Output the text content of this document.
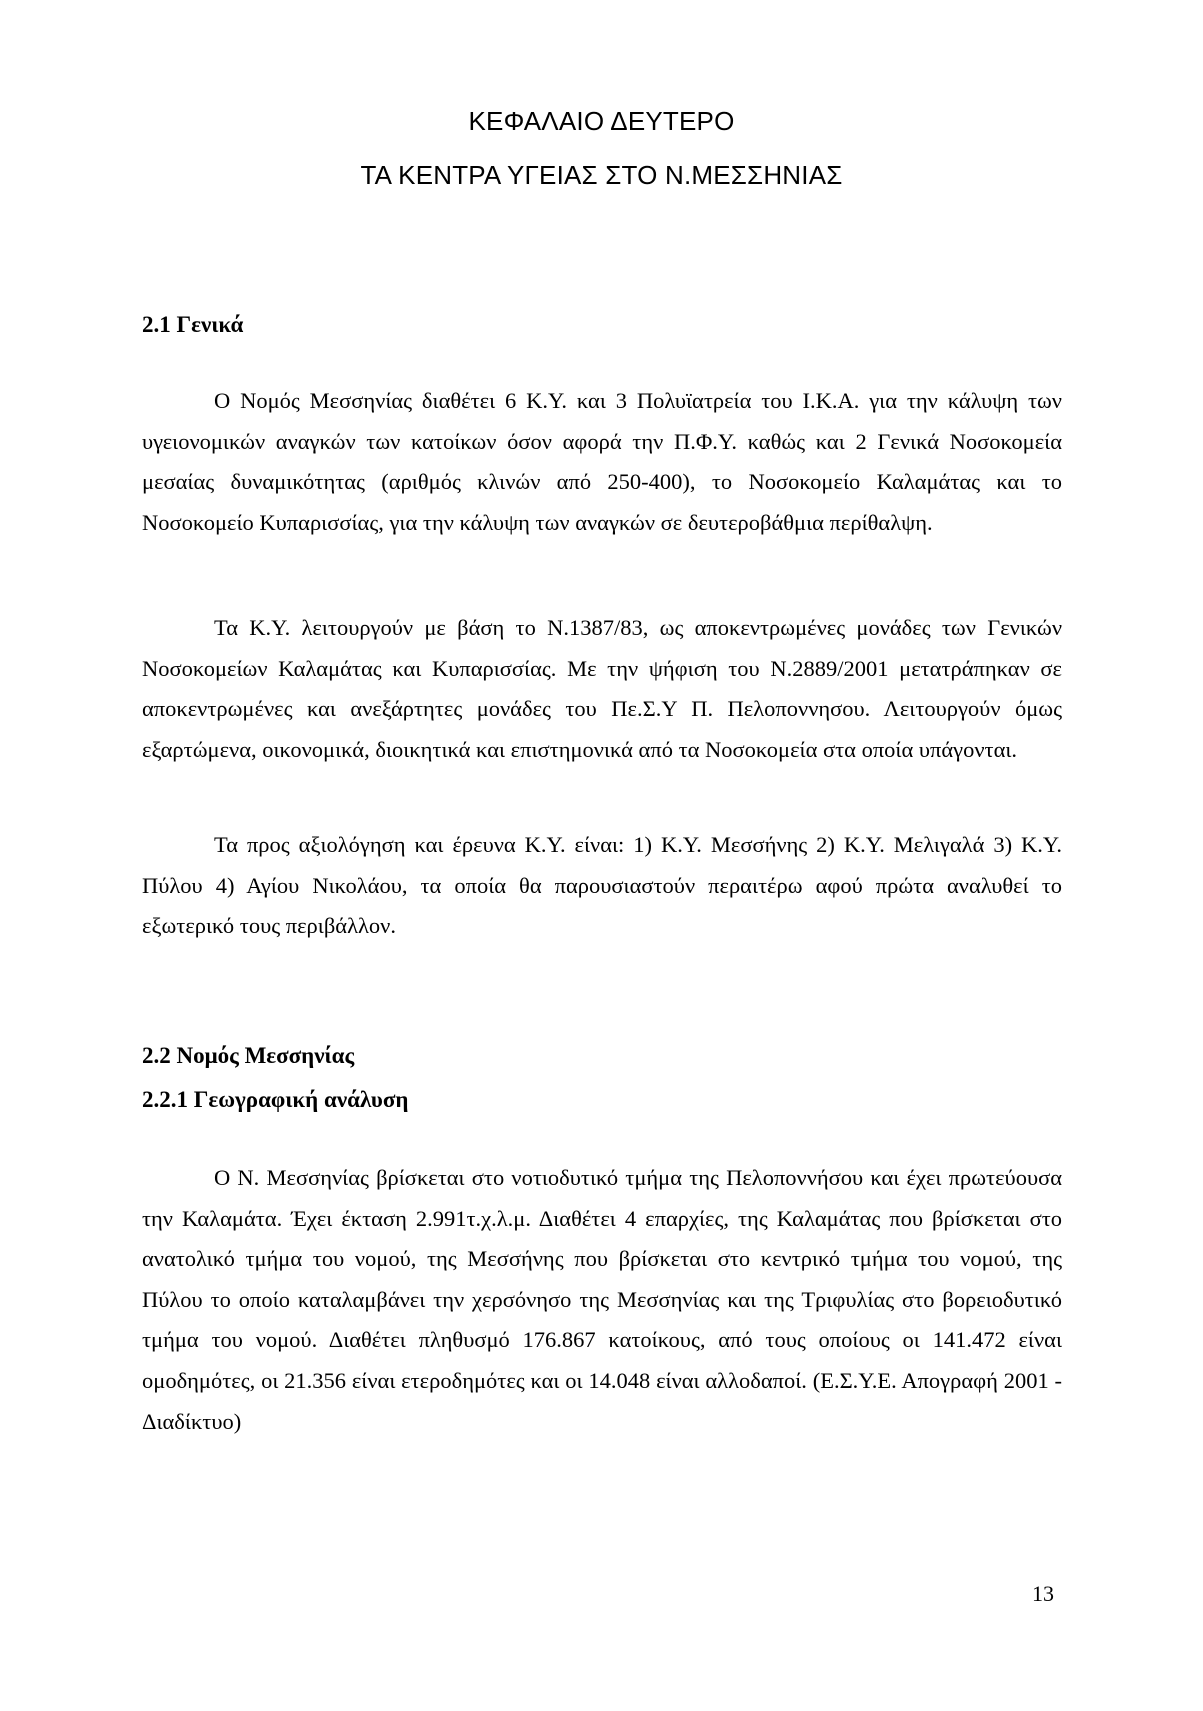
ΚΕΦΑΛΑΙΟ ΔΕΥΤΕΡΟ
ΤΑ ΚΕΝΤΡΑ ΥΓΕΙΑΣ ΣΤΟ Ν.ΜΕΣΣΗΝΙΑΣ
2.1 Γενικά

Ο Νομός Μεσσηνίας διαθέτει 6 Κ.Υ. και 3 Πολυϊατρεία του Ι.Κ.Α. για την κάλυψη των υγειονομικών αναγκών των κατοίκων όσον αφορά την Π.Φ.Υ. καθώς και 2 Γενικά Νοσοκομεία μεσαίας δυναμικότητας (αριθμός κλινών από 250-400), το Νοσοκομείο Καλαμάτας και το Νοσοκομείο Κυπαρισσίας, για την κάλυψη των αναγκών σε δευτεροβάθμια περίθαλψη.

Τα Κ.Υ. λειτουργούν με βάση το Ν.1387/83, ως αποκεντρωμένες μονάδες των Γενικών Νοσοκομείων Καλαμάτας και Κυπαρισσίας. Με την ψήφιση του Ν.2889/2001 μετατράπηκαν σε αποκεντρωμένες και ανεξάρτητες μονάδες του Πε.Σ.Υ Π. Πελοποννησου. Λειτουργούν όμως εξαρτώμενα, οικονομικά, διοικητικά και επιστημονικά από τα Νοσοκομεία στα οποία υπάγονται.

Τα προς αξιολόγηση και έρευνα Κ.Υ. είναι: 1) Κ.Υ. Μεσσήνης 2) Κ.Υ. Μελιγαλά 3) Κ.Υ. Πύλου 4) Αγίου Νικολάου, τα οποία θα παρουσιαστούν περαιτέρω αφού πρώτα αναλυθεί το εξωτερικό τους περιβάλλον.

2.2 Νομός Μεσσηνίας
2.2.1 Γεωγραφική ανάλυση

Ο Ν. Μεσσηνίας βρίσκεται στο νοτιοδυτικό τμήμα της Πελοποννήσου και έχει πρωτεύουσα την Καλαμάτα. Έχει έκταση 2.991τ.χ.λ.μ. Διαθέτει 4 επαρχίες, της Καλαμάτας που βρίσκεται στο ανατολικό τμήμα του νομού, της Μεσσήνης που βρίσκεται στο κεντρικό τμήμα του νομού, της Πύλου το οποίο καταλαμβάνει την χερσόνησο της Μεσσηνίας και της Τριφυλίας στο βορειοδυτικό τμήμα του νομού. Διαθέτει πληθυσμό 176.867 κατοίκους, από τους οποίους οι 141.472 είναι ομοδημότες, οι 21.356 είναι ετεροδημότες και οι 14.048 είναι αλλοδαποί. (Ε.Σ.Υ.Ε. Απογραφή 2001 - Διαδίκτυο)

13
